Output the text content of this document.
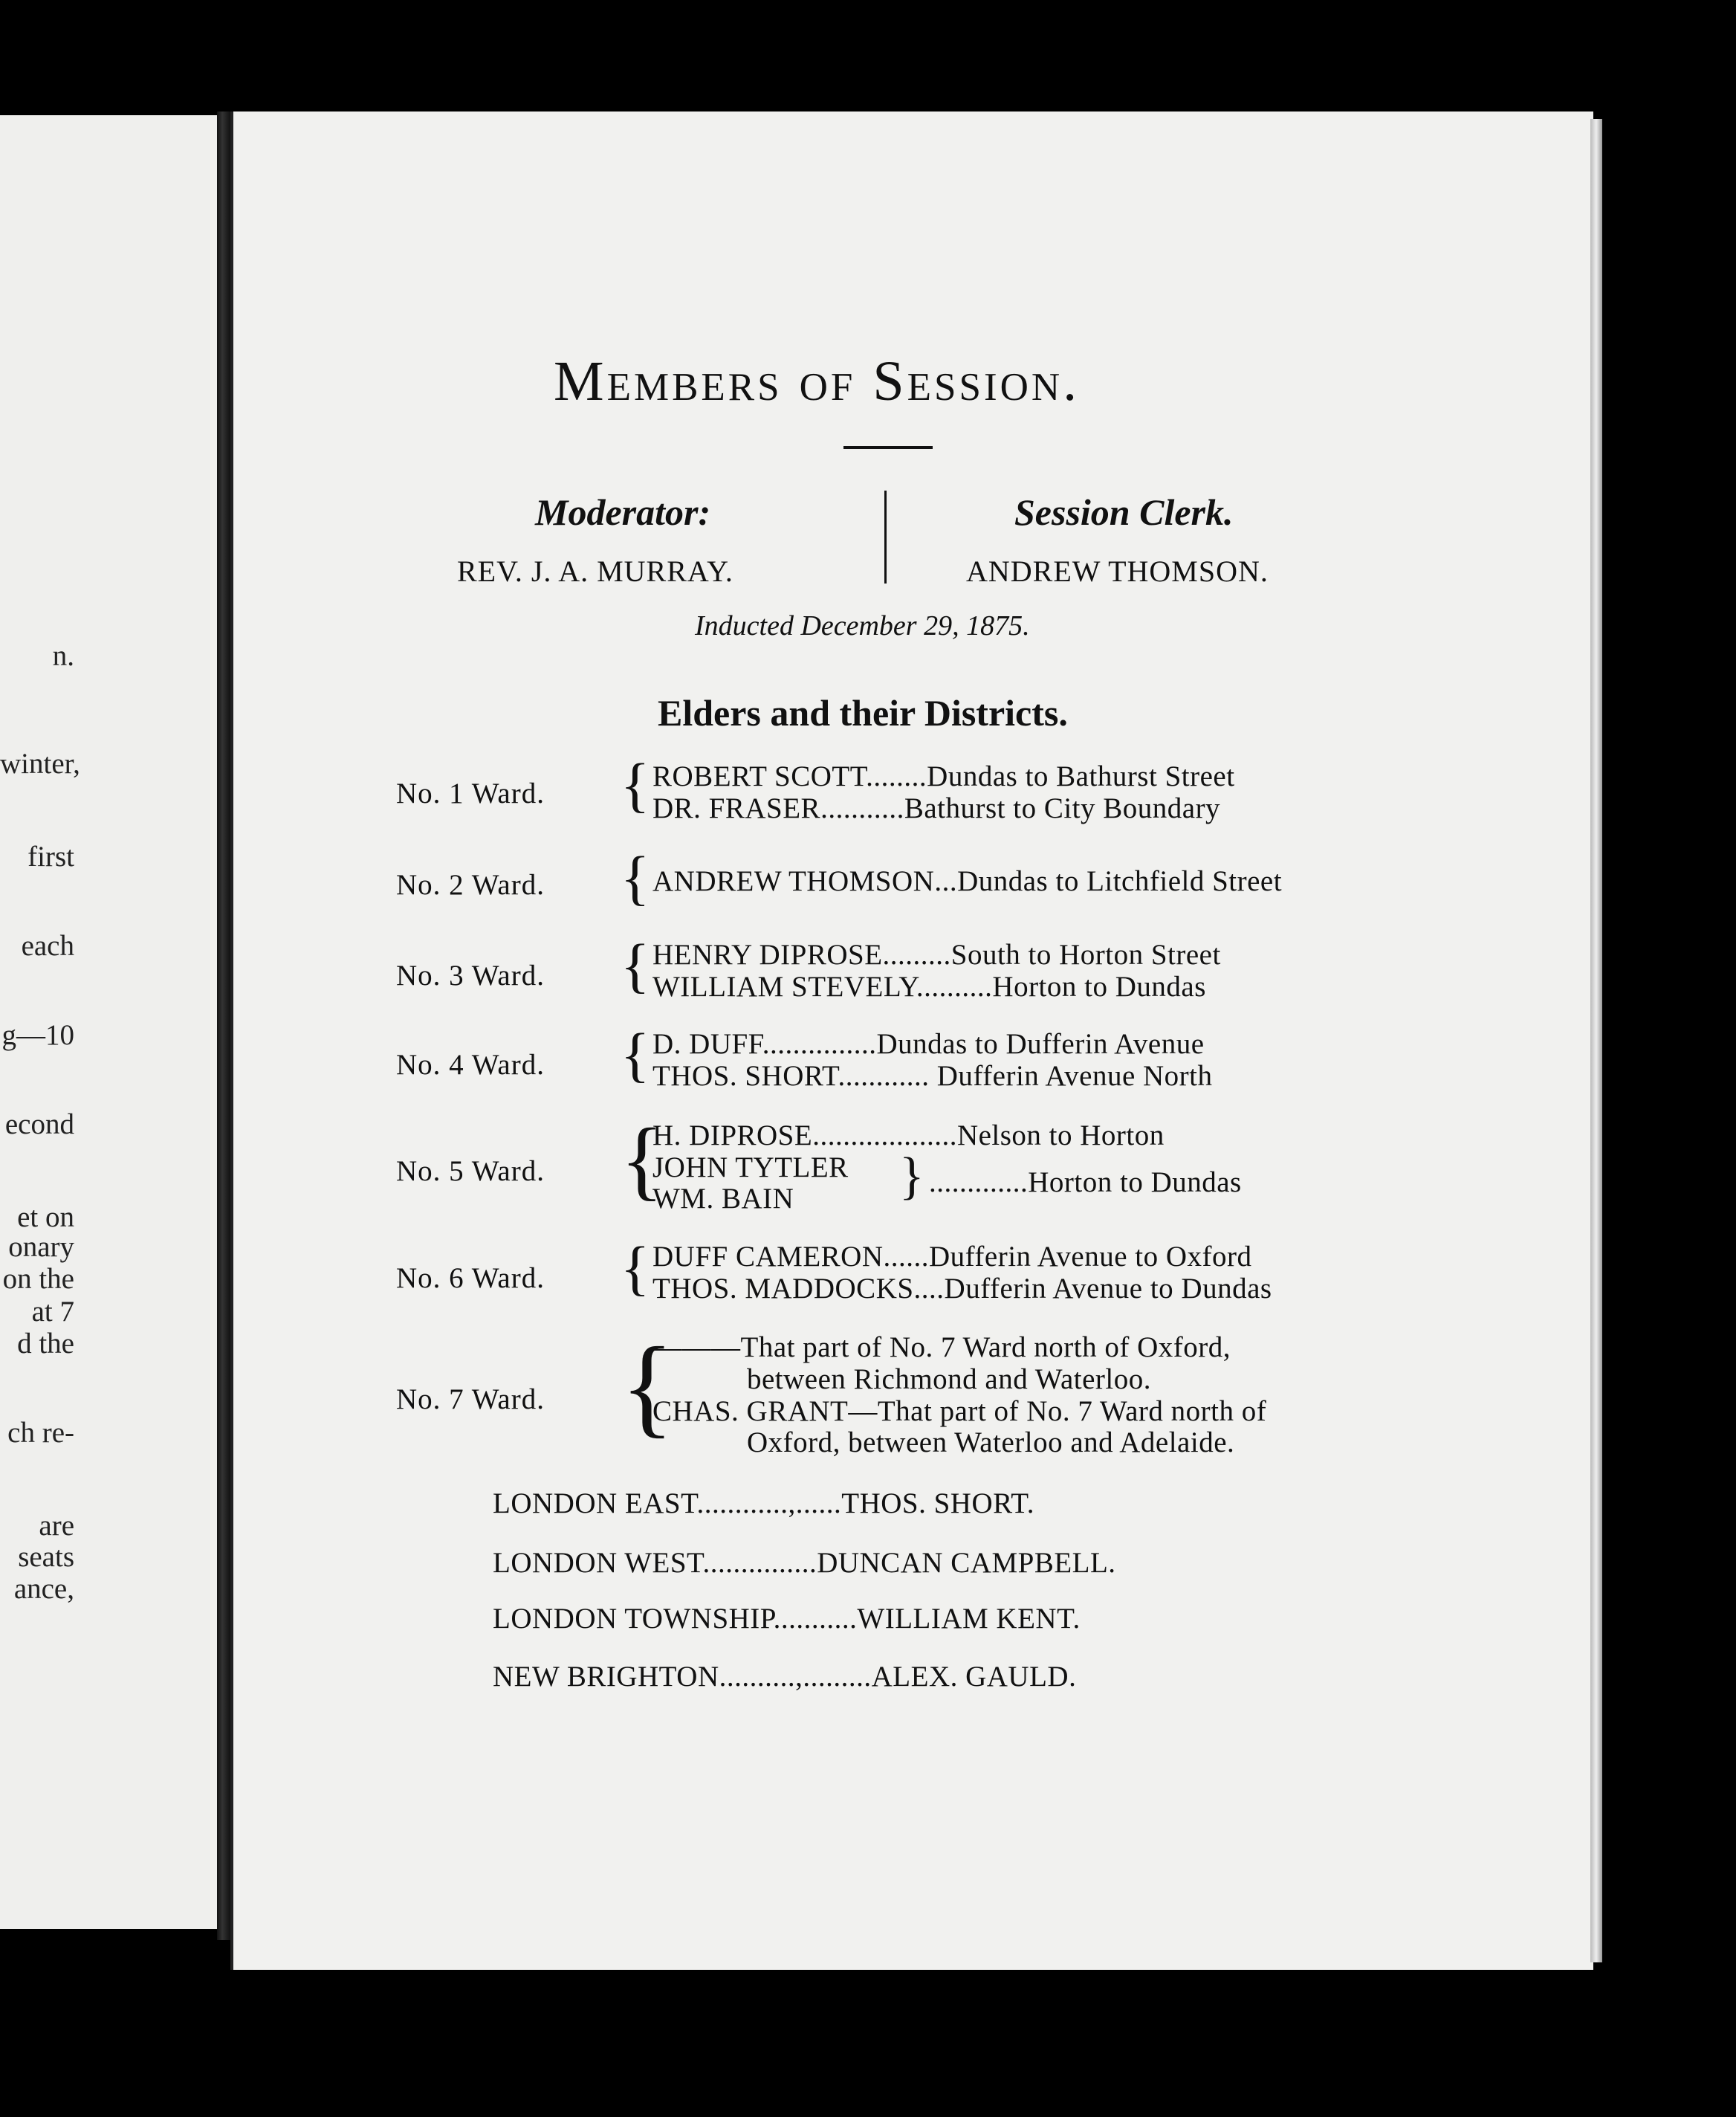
n.
winter,
first
each
g—10
econd
et on
onary
on the
at 7
d the
ch re-
are
seats
ance,
Members of Session.
Moderator:
REV. J. A. MURRAY.
Session Clerk.
ANDREW THOMSON.
Inducted December 29, 1875.
Elders and their Districts.
No. 1 Ward. { ROBERT SCOTT........Dundas to Bathurst Street
DR. FRASER...........Bathurst to City Boundary
No. 2 Ward. { ANDREW THOMSON...Dundas to Litchfield Street
No. 3 Ward. { HENRY DIPROSE.........South to Horton Street
WILLIAM STEVELY..........Horton to Dundas
No. 4 Ward. { D. DUFF...............Dundas to Dufferin Avenue
THOS. SHORT............ Dufferin Avenue North
No. 5 Ward. {
H. DIPROSE...................Nelson to Horton
JOHN TYTLER
WM. BAIN } .............Horton to Dundas
No. 6 Ward. { DUFF CAMERON......Dufferin Avenue to Oxford
THOS. MADDOCKS....Dufferin Avenue to Dundas
No. 7 Ward. {
———That part of No. 7 Ward north of Oxford,
between Richmond and Waterloo.
CHAS. GRANT—That part of No. 7 Ward north of
Oxford, between Waterloo and Adelaide.
LONDON EAST............,......THOS. SHORT.
LONDON WEST...............DUNCAN CAMPBELL.
LONDON TOWNSHIP...........WILLIAM KENT.
NEW BRIGHTON..........,.........ALEX. GAULD.
